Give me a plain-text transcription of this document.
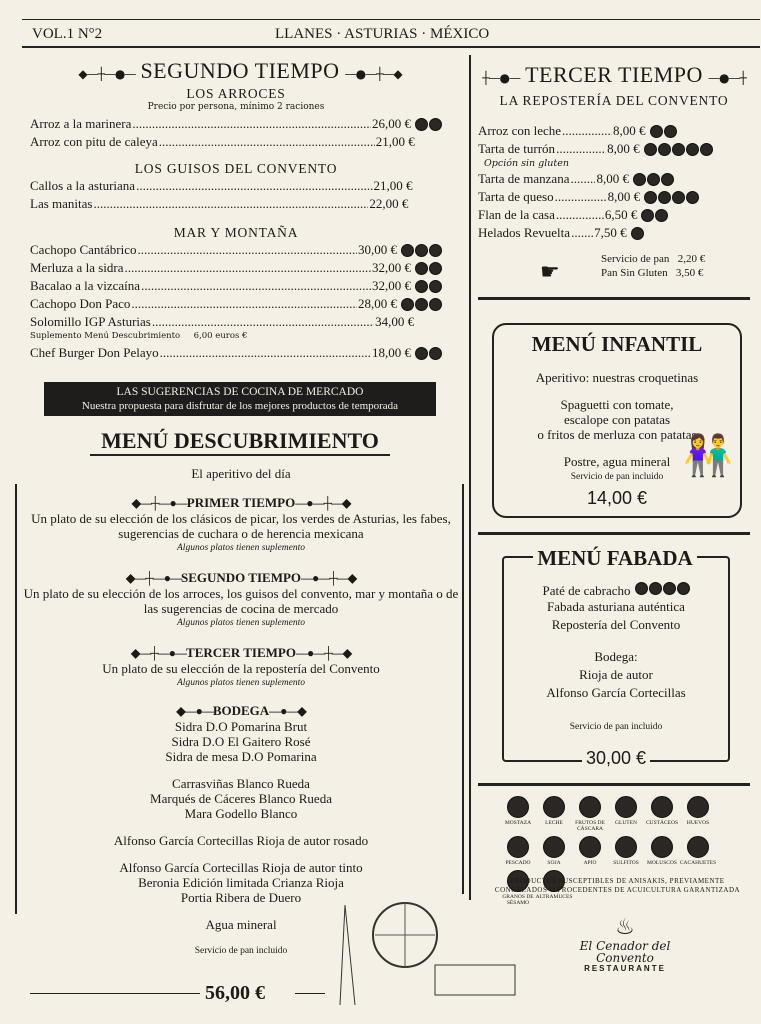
VOL.1 N°2	LLANES · ASTURIAS · MÉXICO
◆—┼—●— SEGUNDO TIEMPO —●—┼—◆
LOS ARROCES
Precio por persona, mínimo 2 raciones
Arroz a la marinera .....	26,00 €
Arroz con pitu de caleya .....	21,00 €
LOS GUISOS DEL CONVENTO
Callos a la asturiana .....	21,00 €
Las manitas .....	22,00 €
MAR Y MONTAÑA
Cachopo Cantábrico .....	30,00 €
Merluza a la sidra .....	32,00 €
Bacalao a la vizcaína .....	32,00 €
Cachopo Don Paco .....	28,00 €
Solomillo IGP Asturias .....	34,00 €
Suplemento Menú Descubrimiento     6,00 euros €
Chef Burger Don Pelayo .....	18,00 €
LAS SUGERENCIAS DE COCINA DE MERCADO
Nuestra propuesta para disfrutar de los mejores productos de temporada
MENÚ DESCUBRIMIENTO
El aperitivo del día
◆—┼—●—PRIMER TIEMPO—●—┼—◆
Un plato de su elección de los clásicos de picar, los verdes de Asturias, les fabes, sugerencias de cuchara o de herencia mexicana
Algunos platos tienen suplemento
◆—┼—●—SEGUNDO TIEMPO—●—┼—◆
Un plato de su elección de los arroces, los guisos del convento, mar y montaña o de las sugerencias de cocina de mercado
Algunos platos tienen suplemento
◆—┼—●—TERCER TIEMPO—●—┼—◆
Un plato de su elección de la repostería del Convento
Algunos platos tienen suplemento
◆—●—BODEGA—●—◆
Sidra D.O Pomarina Brut
Sidra D.O El Gaitero Rosé
Sidra de mesa D.O Pomarina
Carrasviñas Blanco Rueda
Marqués de Cáceres Blanco Rueda
Mara Godello Blanco
Alfonso García Cortecillas Rioja de autor rosado
Alfonso García Cortecillas Rioja de autor tinto
Beronia Edición limitada Crianza Rioja
Portia Ribera de Duero
Agua mineral
Servicio de pan incluido
56,00 €
┼—●— TERCER TIEMPO —●—┼
LA REPOSTERÍA DEL CONVENTO
Arroz con leche .....	8,00 €
Tarta de turrón .....	8,00 €
Opción sin gluten
Tarta de manzana ..... 8,00 €
Tarta de queso .....	8,00 €
Flan de la casa .....	6,50 €
Helados Revuelta ..... 7,50 €
☛
Servicio de pan 2,20 €
Pan Sin Gluten 3,50 €
MENÚ INFANTIL
Aperitivo: nuestras croquetinas
Spaguetti con tomate,
escalope con patatas
o fritos de merluza con patatas
Postre, agua mineral
Servicio de pan incluido
14,00 €
👫
MENÚ FABADA
Paté de cabracho
Fabada asturiana auténtica
Repostería del Convento
Bodega:
Rioja de autor
Alfonso García Cortecillas
Servicio de pan incluido
30,00 €
MOSTAZA	LECHE	FRUTOS DE CÁSCARA
GLUTEN CUSTÁCEOS HUEVOS
PESCADO	SOJA	APIO	SULFITOS MOLUSCOS CACAHUETES
GRANOS DE SÉSAMO
ALTRAMUCES
PRODUCTOS SUSCEPTIBLES DE ANISAKIS, PREVIAMENTE CONGELADOS O PROCEDENTES DE ACUICULTURA GARANTIZADA
♨
El Cenador del Convento
RESTAURANTE
